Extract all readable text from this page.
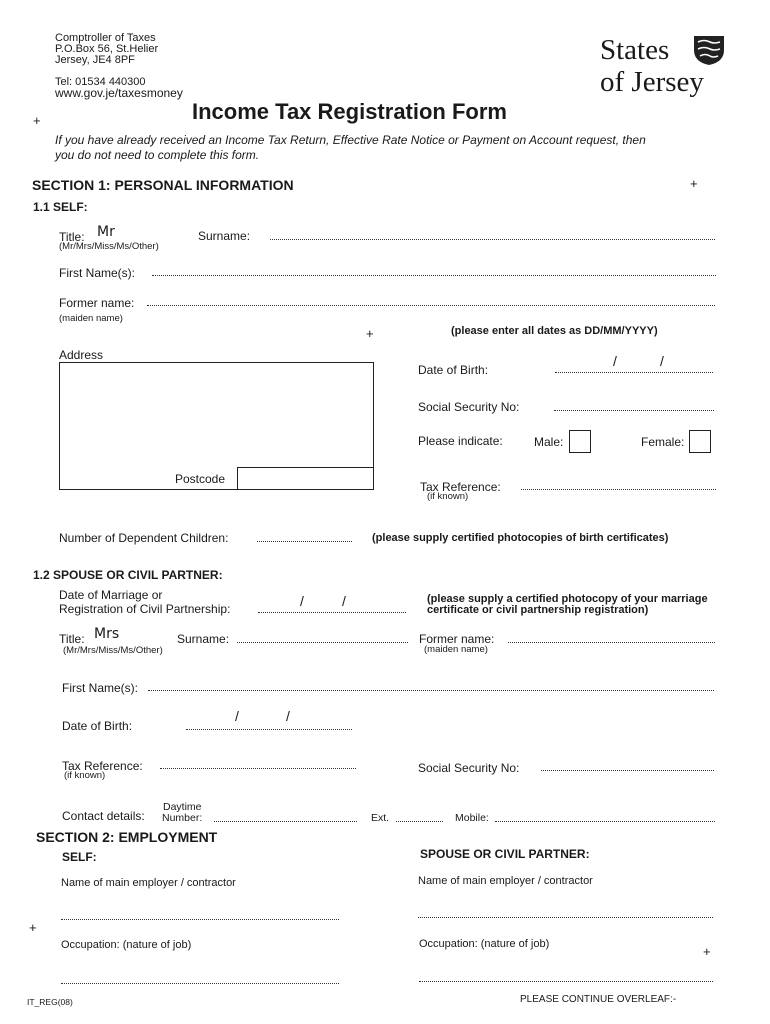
Comptroller of Taxes
P.O.Box 56, St.Helier
Jersey, JE4 8PF
Tel: 01534 440300
www.gov.je/taxesmoney
States
of Jersey
+	Income Tax Registration Form
If you have already received an Income Tax Return, Effective Rate Notice or Payment on Account request, then
you do not need to complete this form.
SECTION 1: PERSONAL INFORMATION	+
1.1 SELF:
Title: Mr
(Mr/Mrs/Miss/Ms/Other)
Surname:
First Name(s):
Former name:
(maiden name)
+	(please enter all dates as DD/MM/YYYY)
Address
Postcode
Date of Birth:
/	/
Social Security No:
Please indicate:	Male:	Female:
Tax Reference:
(if known)
Number of Dependent Children:	(please supply certified photocopies of birth certificates)
1.2 SPOUSE OR CIVIL PARTNER:
Date of Marriage or
Registration of Civil Partnership:	/	/	(please supply a certified photocopy of your marriage
certificate or civil partnership registration)
Title: Mrs
(Mr/Mrs/Miss/Ms/Other)
Surname:	Former name:
(maiden name)
First Name(s):
Date of Birth:
/	/
Tax Reference:
(if known)
Social Security No:
Contact details:
Daytime
Number:	Ext.	Mobile:
SECTION 2: EMPLOYMENT
SELF:	SPOUSE OR CIVIL PARTNER:
Name of main employer / contractor	Name of main employer / contractor
+
Occupation: (nature of job)	Occupation: (nature of job)	+
IT_REG(08)	PLEASE CONTINUE OVERLEAF:-
